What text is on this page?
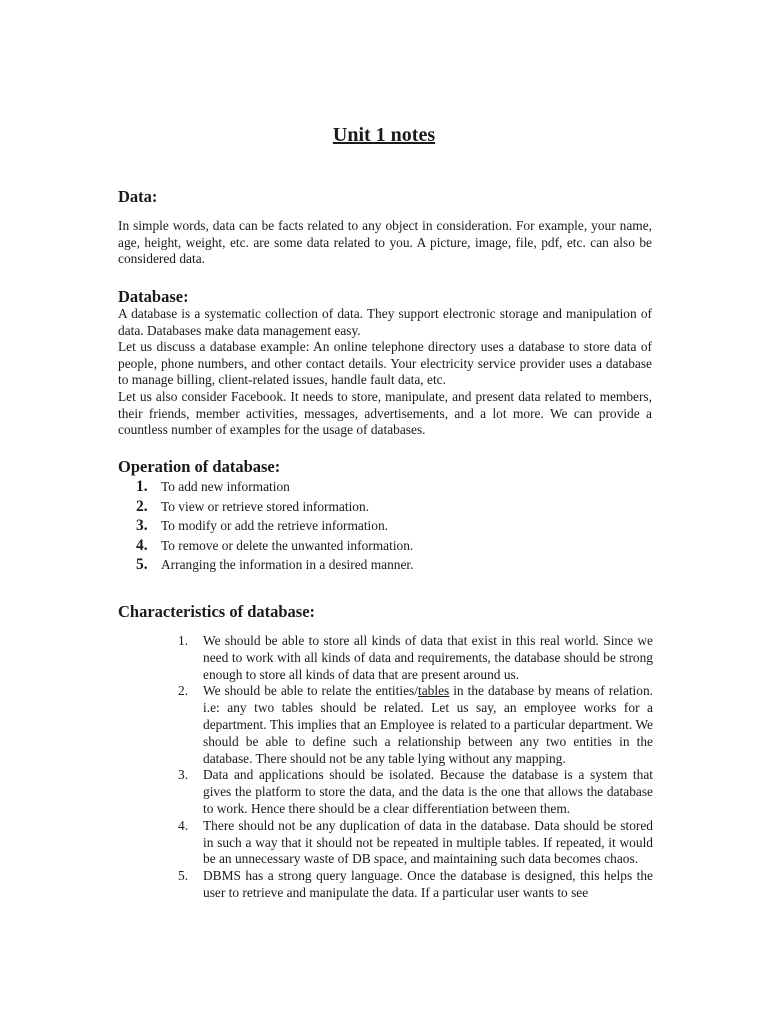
Unit 1 notes
Data:

In simple words, data can be facts related to any object in consideration. For example, your name, age, height, weight, etc. are some data related to you. A picture, image, file, pdf, etc. can also be considered data.

Database:

A database is a systematic collection of data. They support electronic storage and manipulation of data. Databases make data management easy.

Let us discuss a database example: An online telephone directory uses a database to store data of people, phone numbers, and other contact details. Your electricity service provider uses a database to manage billing, client-related issues, handle fault data, etc.

Let us also consider Facebook. It needs to store, manipulate, and present data related to members, their friends, member activities, messages, advertisements, and a lot more. We can provide a countless number of examples for the usage of databases.

Operation of database:
1. To add new information
2. To view or retrieve stored information.
3. To modify or add the retrieve information.
4. To remove or delete the unwanted information.
5. Arranging the information in a desired manner.
Characteristics of database:
1.	We should be able to store all kinds of data that exist in this real world. Since we need to work with all kinds of data and requirements, the database should be strong enough to store all kinds of data that are present around us.
2.	We should be able to relate the entities/tables in the database by means of relation. i.e: any two tables should be related. Let us say, an employee works for a department. This implies that an Employee is related to a particular department. We should be able to define such a relationship between any two entities in the database. There should not be any table lying without any mapping.
3.	Data and applications should be isolated. Because the database is a system that gives the platform to store the data, and the data is the one that allows the database to work. Hence there should be a clear differentiation between them.
4.	There should not be any duplication of data in the database. Data should be stored in such a way that it should not be repeated in multiple tables. If repeated, it would be an unnecessary waste of DB space, and maintaining such data becomes chaos.
5.	DBMS has a strong query language. Once the database is designed, this helps the user to retrieve and manipulate the data. If a particular user wants to see
